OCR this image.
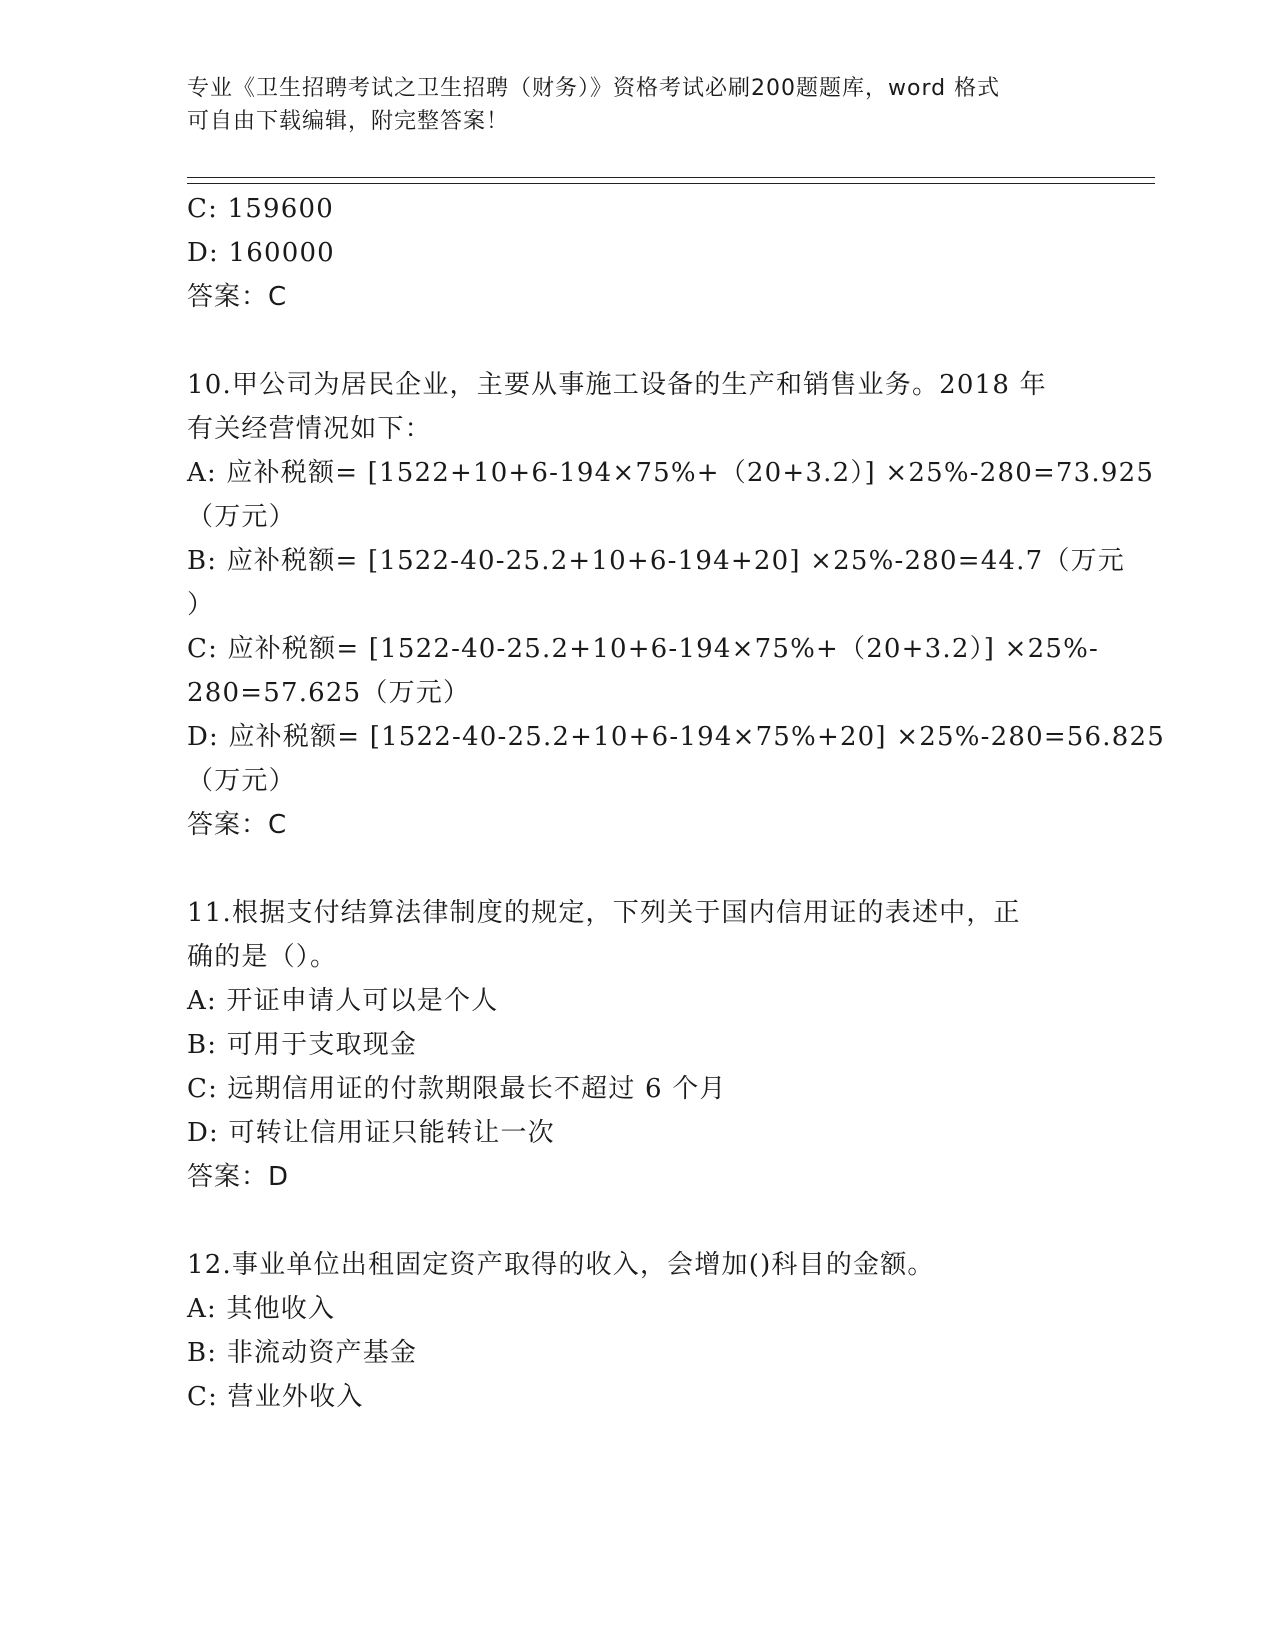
专业《卫生招聘考试之卫生招聘（财务）》资格考试必刷200题题库，word 格式
可自由下载编辑，附完整答案！
C: 159600
D: 160000
答案：C
10.甲公司为居民企业，主要从事施工设备的生产和销售业务。2018 年
有关经营情况如下：
A: 应补税额= [1522+10+6-194×75%+（20+3.2）] ×25%-280=73.925
（万元）
B: 应补税额= [1522-40-25.2+10+6-194+20] ×25%-280=44.7（万元
）
C: 应补税额= [1522-40-25.2+10+6-194×75%+（20+3.2）] ×25%-
280=57.625（万元）
D: 应补税额= [1522-40-25.2+10+6-194×75%+20] ×25%-280=56.825
（万元）
答案：C
11.根据支付结算法律制度的规定，下列关于国内信用证的表述中，正
确的是（）。
A: 开证申请人可以是个人
B: 可用于支取现金
C: 远期信用证的付款期限最长不超过 6 个月
D: 可转让信用证只能转让一次
答案：D
12.事业单位出租固定资产取得的收入，会增加()科目的金额。
A: 其他收入
B: 非流动资产基金
C: 营业外收入
